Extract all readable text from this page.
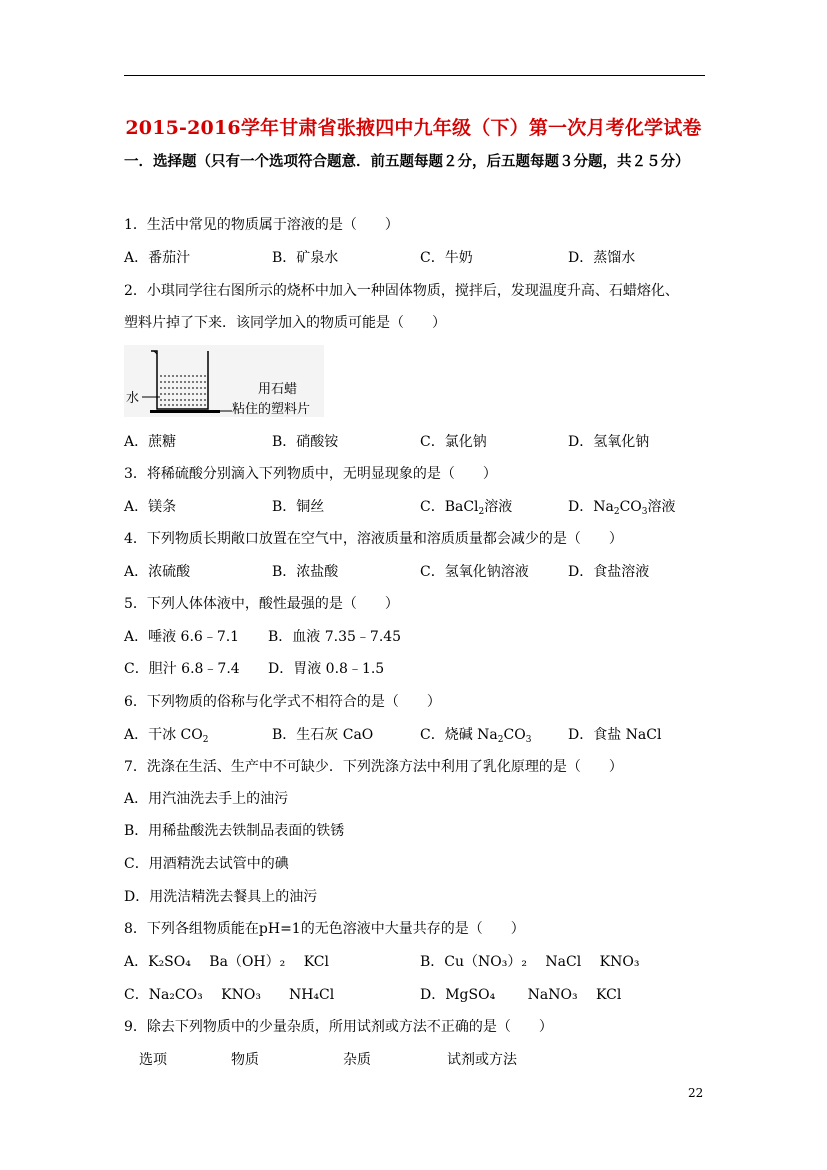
2015-2016学年甘肃省张掖四中九年级（下）第一次月考化学试卷
一．选择题（只有一个选项符合题意．前五题每题２分，后五题每题３分题，共２５分）
1．生活中常见的物质属于溶液的是（　　）
A．番茄汁	B．矿泉水	C．牛奶	D．蒸馏水
2．小琪同学往右图所示的烧杯中加入一种固体物质，搅拌后，发现温度升高、石蜡熔化、
塑料片掉了下来．该同学加入的物质可能是（　　）
水
用石蜡
粘住的塑料片
A．蔗糖	B．硝酸铵	C．氯化钠	D．氢氧化钠
3．将稀硫酸分别滴入下列物质中，无明显现象的是（　　）
A．镁条	B．铜丝	C．BaCl$_2$溶液	D．$Na_2CO_3$溶液
4．下列物质长期敞口放置在空气中，溶液质量和溶质质量都会减少的是（　　）
A．浓硫酸	B．浓盐酸	C．氢氧化钠溶液	D．食盐溶液
5．下列人体体液中，酸性最强的是（　　）
A．唾液 6.6﹣7.1 B．血液 7.35﹣7.45
C．胆汁 6.8﹣7.4 D．胃液 0.8﹣1.5
6．下列物质的俗称与化学式不相符合的是（　　）
A．干冰 $CO_2$	B．生石灰 CaO	C．烧碱 $Na_2CO_3$	D．食盐 NaCl
7．洗涤在生活、生产中不可缺少．下列洗涤方法中利用了乳化原理的是（　　）
A．用汽油洗去手上的油污
B．用稀盐酸洗去铁制品表面的铁锈
C．用酒精洗去试管中的碘
D．用洗洁精洗去餐具上的油污
8．下列各组物质能在pH=1的无色溶液中大量共存的是（　　）
A．K₂SO₄　 Ba（OH）₂　 KCl	B．Cu（NO₃）₂　 NaCl　 KNO₃
C．Na₂CO₃　 KNO₃　　NH₄Cl	D．MgSO₄　　 NaNO₃　 KCl
9．除去下列物质中的少量杂质，所用试剂或方法不正确的是（　　）
选项	物质	杂质	试剂或方法
22
